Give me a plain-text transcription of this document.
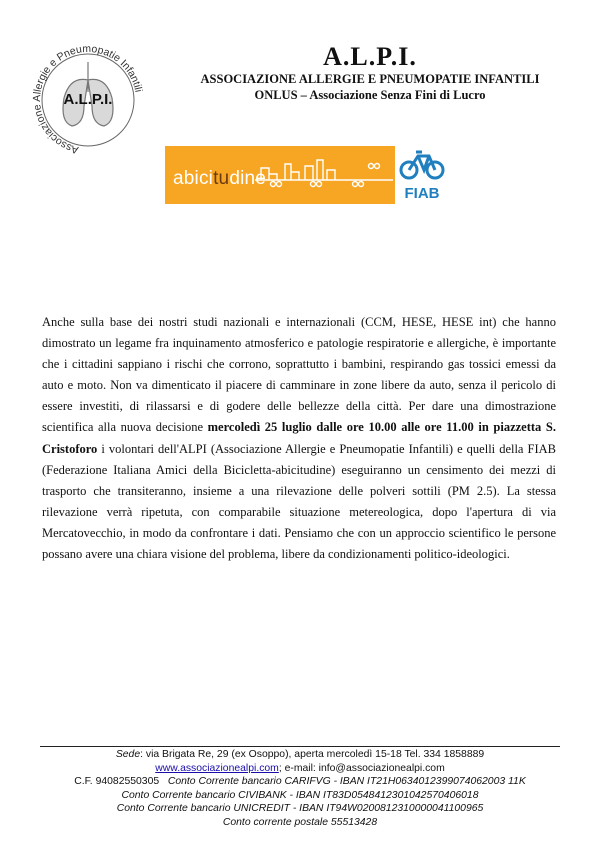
Associazione Allergie e Pneumopatie Infantili
A.L.P.I.
A.L.P.I.
ASSOCIAZIONE ALLERGIE E PNEUMOPATIE INFANTILI
ONLUS – Associazione Senza Fini di Lucro
abicitudine
FIAB
Anche sulla base dei nostri studi nazionali e internazionali (CCM, HESE, HESE int) che hanno dimostrato un legame fra inquinamento atmosferico e patologie respiratorie e allergiche, è importante che i cittadini sappiano i rischi che corrono, soprattutto i bambini, respirando gas tossici emessi da auto e moto. Non va dimenticato il piacere di camminare in zone libere da auto, senza il pericolo di essere investiti, di rilassarsi e di godere delle bellezze della città. Per dare una dimostrazione scientifica alla nuova decisione mercoledì 25 luglio dalle ore 10.00 alle ore 11.00 in piazzetta S. Cristoforo i volontari dell'ALPI (Associazione Allergie e Pneumopatie Infantili) e quelli della FIAB (Federazione Italiana Amici della Bicicletta-abicitudine) eseguiranno un censimento dei mezzi di trasporto che transiteranno, insieme a una rilevazione delle polveri sottili (PM 2.5). La stessa rilevazione verrà ripetuta, con comparabile situazione metereologica, dopo l'apertura di via Mercatovecchio, in modo da confrontare i dati. Pensiamo che con un approccio scientifico le persone possano avere una chiara visione del problema, libere da condizionamenti politico-ideologici.
Sede: via Brigata Re, 29 (ex Osoppo), aperta mercoledì 15-18 Tel. 334 1858889
www.associazionealpi.com; e-mail: info@associazionealpi.com
C.F. 94082550305 Conto Corrente bancario CARIFVG - IBAN IT21H0634012399074062003 11K
Conto Corrente bancario CIVIBANK - IBAN IT83D0548412301042570406018
Conto Corrente bancario UNICREDIT - IBAN IT94W0200812310000041100965
Conto corrente postale 55513428
